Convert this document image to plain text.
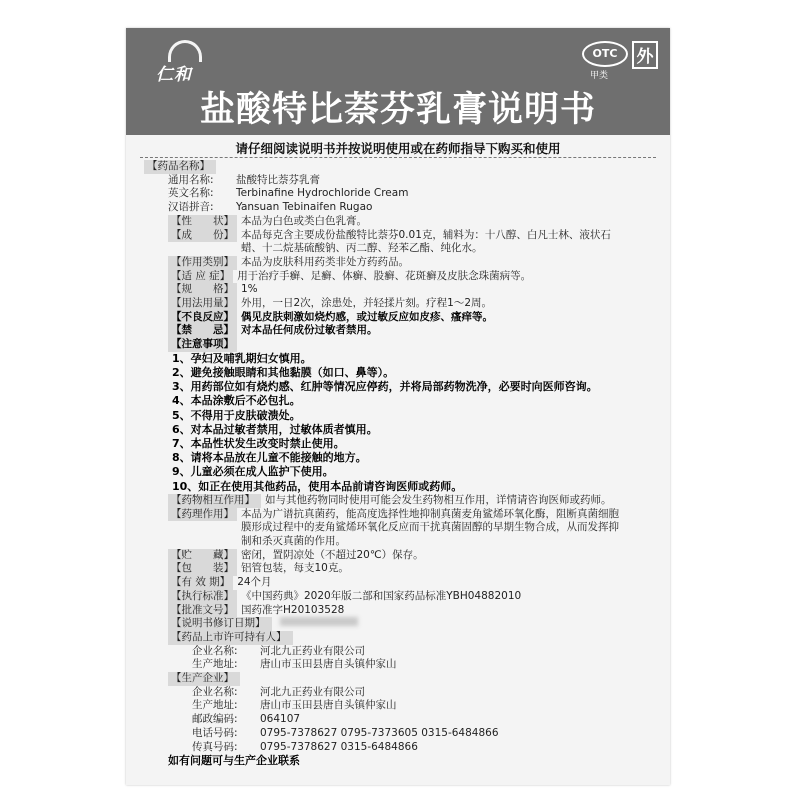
仁和
OTC
甲类
外
盐酸特比萘芬乳膏说明书
请仔细阅读说明书并按说明使用或在药师指导下购买和使用
【药品名称】
通用名称:	盐酸特比萘芬乳膏
英文名称:	Terbinafine Hydrochloride Cream
汉语拼音:	Yansuan Tebinaifen Rugao
【性　　状】 本品为白色或类白色乳膏。
【成　　份】 本品每克含主要成份盐酸特比萘芬0.01克，辅料为：十八醇、白凡士林、液状石
蜡、十二烷基硫酸钠、丙二醇、羟苯乙酯、纯化水。
【作用类别】 本品为皮肤科用药类非处方药药品。
【适 应 症】 用于治疗手癣、足癣、体癣、股癣、花斑癣及皮肤念珠菌病等。
【规　　格】 1%
【用法用量】 外用，一日2次，涂患处，并轻揉片刻。疗程1～2周。
【不良反应】 偶见皮肤刺激如烧灼感，或过敏反应如皮疹、瘙痒等。
【禁　　忌】 对本品任何成份过敏者禁用。
【注意事项】
1、孕妇及哺乳期妇女慎用。
2、避免接触眼睛和其他黏膜（如口、鼻等）。
3、用药部位如有烧灼感、红肿等情况应停药，并将局部药物洗净，必要时向医师咨询。
4、本品涂敷后不必包扎。
5、不得用于皮肤破溃处。
6、对本品过敏者禁用，过敏体质者慎用。
7、本品性状发生改变时禁止使用。
8、请将本品放在儿童不能接触的地方。
9、儿童必须在成人监护下使用。
10、如正在使用其他药品，使用本品前请咨询医师或药师。
【药物相互作用】 如与其他药物同时使用可能会发生药物相互作用，详情请咨询医师或药师。
【药理作用】 本品为广谱抗真菌药，能高度选择性地抑制真菌麦角鲨烯环氧化酶，阻断真菌细胞
膜形成过程中的麦角鲨烯环氧化反应而干扰真菌固醇的早期生物合成，从而发挥抑
制和杀灭真菌的作用。
【贮　　藏】 密闭，置阴凉处（不超过20℃）保存。
【包　　装】 铝管包装，每支10克。
【有 效 期】 24个月
【执行标准】 《中国药典》2020年版二部和国家药品标准YBH04882010
【批准文号】 国药准字H20103528
【说明书修订日期】
【药品上市许可持有人】
企业名称:	河北九正药业有限公司
生产地址:	唐山市玉田县唐自头镇仲家山
【生产企业】
企业名称:	河北九正药业有限公司
生产地址:	唐山市玉田县唐自头镇仲家山
邮政编码:	064107
电话号码:	0795-7378627 0795-7373605 0315-6484866
传真号码:	0795-7378627 0315-6484866
如有问题可与生产企业联系
